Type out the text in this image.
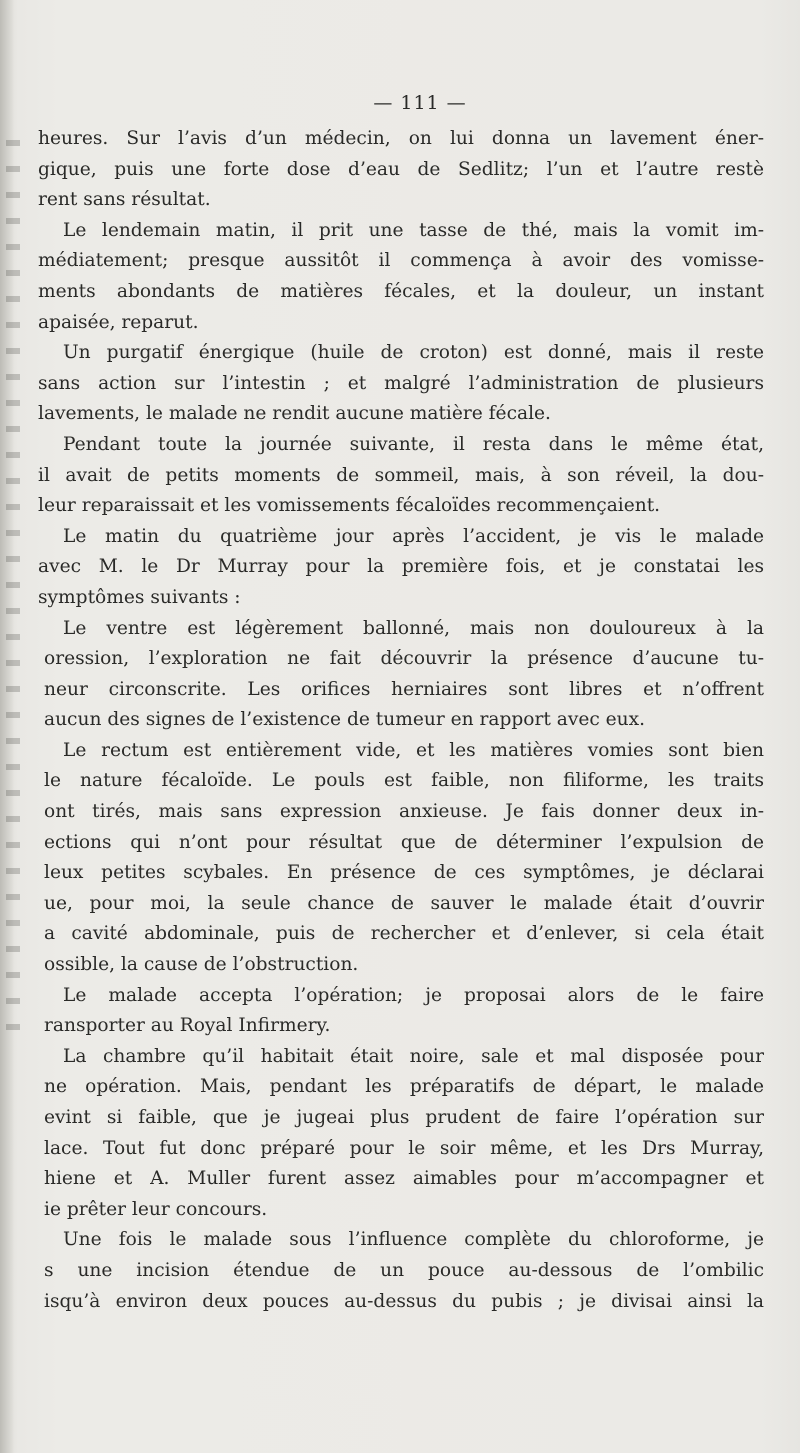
— 111 —
heures. Sur l’avis d’un médecin, on lui donna un lavement éner-
gique, puis une forte dose d’eau de Sedlitz; l’un et l’autre restè
rent sans résultat.
Le lendemain matin, il prit une tasse de thé, mais la vomit im-
médiatement; presque aussitôt il commença à avoir des vomisse-
ments abondants de matières fécales, et la douleur, un instant
apaisée, reparut.
Un purgatif énergique (huile de croton) est donné, mais il reste
sans action sur l’intestin ; et malgré l’administration de plusieurs
lavements, le malade ne rendit aucune matière fécale.
Pendant toute la journée suivante, il resta dans le même état,
il avait de petits moments de sommeil, mais, à son réveil, la dou-
leur reparaissait et les vomissements fécaloïdes recommençaient.
Le matin du quatrième jour après l’accident, je vis le malade
avec M. le Dr Murray pour la première fois, et je constatai les
symptômes suivants :
Le ventre est légèrement ballonné, mais non douloureux à la
oression, l’exploration ne fait découvrir la présence d’aucune tu-
neur circonscrite. Les orifices herniaires sont libres et n’offrent
aucun des signes de l’existence de tumeur en rapport avec eux.
Le rectum est entièrement vide, et les matières vomies sont bien
le nature fécaloïde. Le pouls est faible, non filiforme, les traits
ont tirés, mais sans expression anxieuse. Je fais donner deux in-
ections qui n’ont pour résultat que de déterminer l’expulsion de
leux petites scybales. En présence de ces symptômes, je déclarai
ue, pour moi, la seule chance de sauver le malade était d’ouvrir
a cavité abdominale, puis de rechercher et d’enlever, si cela était
ossible, la cause de l’obstruction.
Le malade accepta l’opération; je proposai alors de le faire
ransporter au Royal Infirmery.
La chambre qu’il habitait était noire, sale et mal disposée pour
ne opération. Mais, pendant les préparatifs de départ, le malade
evint si faible, que je jugeai plus prudent de faire l’opération sur
lace. Tout fut donc préparé pour le soir même, et les Drs Murray,
hiene et A. Muller furent assez aimables pour m’accompagner et
ie prêter leur concours.
Une fois le malade sous l’influence complète du chloroforme, je
s une incision étendue de un pouce au-dessous de l’ombilic
isqu’à environ deux pouces au-dessus du pubis ; je divisai ainsi la
